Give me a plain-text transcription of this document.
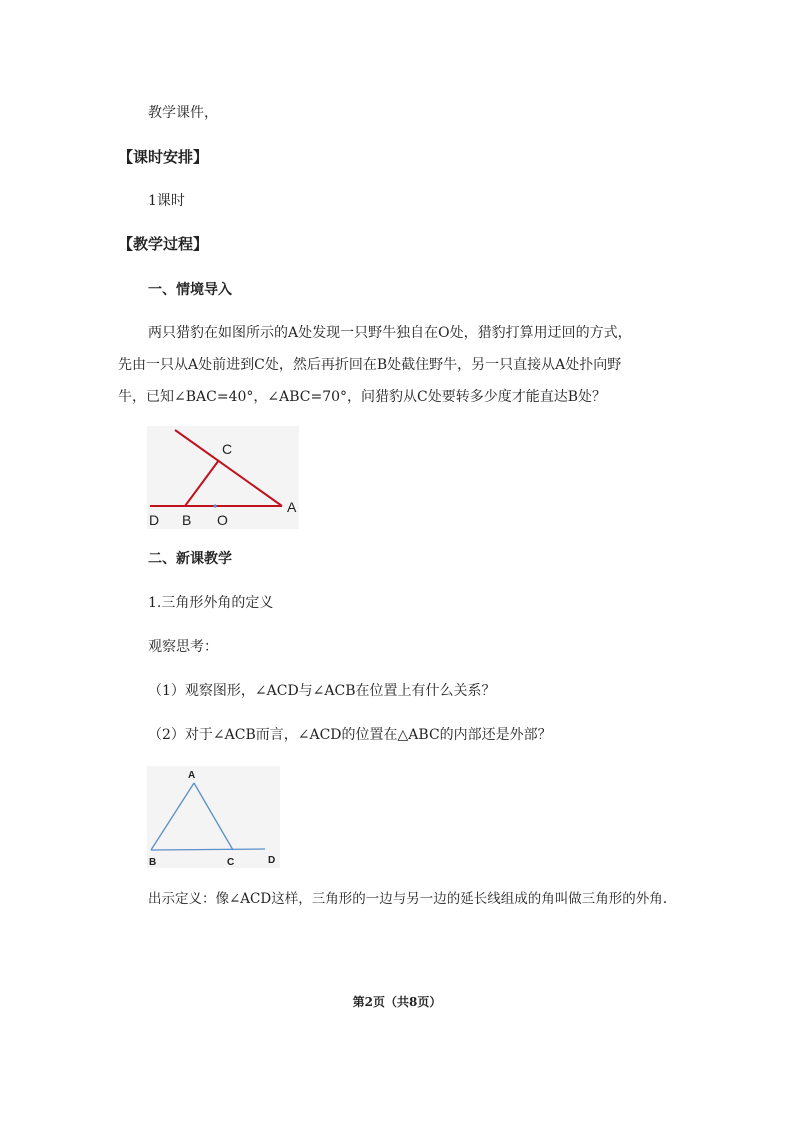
教学课件，
【课时安排】
1课时
【教学过程】
一、情境导入
两只猎豹在如图所示的A处发现一只野牛独自在O处，猎豹打算用迂回的方式，
先由一只从A处前进到C处，然后再折回在B处截住野牛，另一只直接从A处扑向野
牛，已知∠BAC=40°，∠ABC=70°，问猎豹从C处要转多少度才能直达B处？
C
D B O
A
二、新课教学
1.三角形外角的定义
观察思考：
（1）观察图形，∠ACD与∠ACB在位置上有什么关系？
（2）对于∠ACB而言，∠ACD的位置在△ABC的内部还是外部？
A
B	C	D
出示定义：像∠ACD这样，三角形的一边与另一边的延长线组成的角叫做三角形的外角.
第2页（共8页）
